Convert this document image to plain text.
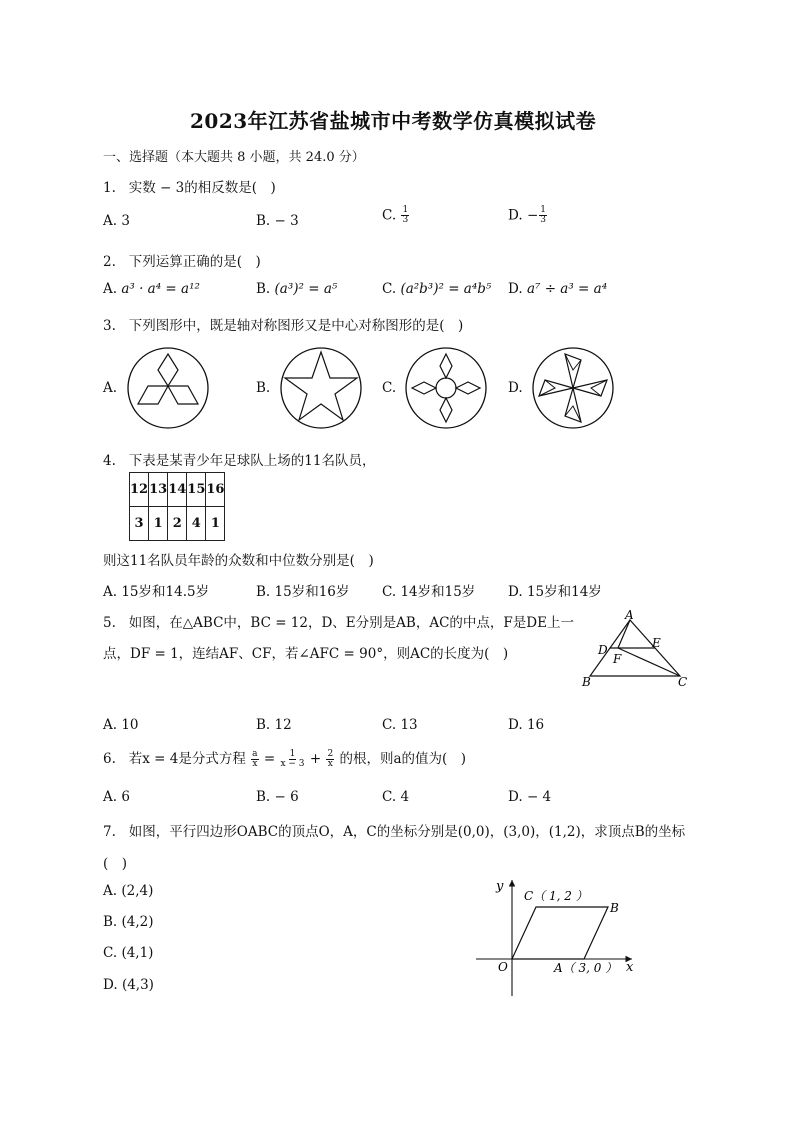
2023年江苏省盐城市中考数学仿真模拟试卷
一、选择题（本大题共 8 小题，共 24.0 分）
1. 实数 − 3的相反数是(　)
A. 3	B. − 3	C. $\frac{1}{3}$	D. − $\frac{1}{3}$
2. 下列运算正确的是(　)
A. a³ · a⁴ = a¹²	B. (a³)² = a⁵	C. (a²b³)² = a⁴b⁵ D. a⁷ ÷ a³ = a⁴
3. 下列图形中，既是轴对称图形又是中心对称图形的是(　)
A.	B.	C.	D.
4. 下表是某青少年足球队上场的11名队员，
12	13	14	15	16
3	1	2	4	1
则这11名队员年龄的众数和中位数分别是(　)
A. 15岁和14.5岁	B. 15岁和16岁 C. 14岁和15岁 D. 15岁和14岁
5. 如图，在△ABC中，BC = 12，D、E分别是AB，AC的中点，F是DE上一
点，DF = 1，连结AF、CF，若∠AFC = 90°，则AC的长度为(　)
A
B	C
D	E
F
A. 10	B. 12	C. 13	D. 16
6. 若x = 4是分式方程 $\frac{a}{x} = \frac{1}{x - 3} + \frac{2}{x}$ 的根，则a的值为(　)
A. 6	B. − 6	C. 4	D. − 4
7. 如图，平行四边形OABC的顶点O，A，C的坐标分别是(0,0)，(3,0)，(1,2)，求顶点B的坐标
(　)
A. (2,4)
B. (4,2)
C. (4,1)
D. (4,3)
y
x
O	A（ 3, 0 ）
B
C（ 1, 2 ）
